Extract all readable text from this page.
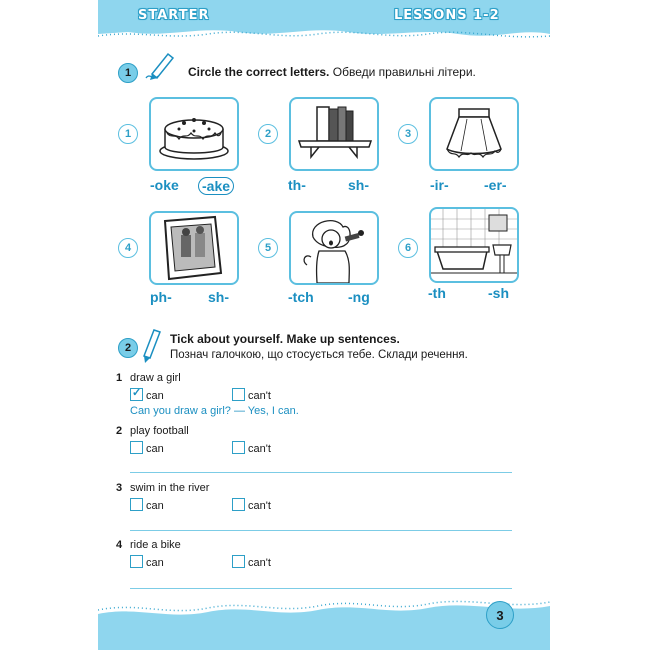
STARTER	LESSONS 1-2
1	Circle the correct letters. Обведи правильні літери.
1	2	3
-oke -ake	th-	sh-	-ir-	-er-
4	5	6
ph-	sh-	-tch -ng	-th	-sh
2
Tick about yourself. Make up sentences.
Познач галочкою, що стосується тебе. Склади речення.
1 draw a girl
✓ can	can't
Can you draw a girl? — Yes, I can.
2 play football
can	can't
3 swim in the river
can	can't
4 ride a bike
can	can't
3
